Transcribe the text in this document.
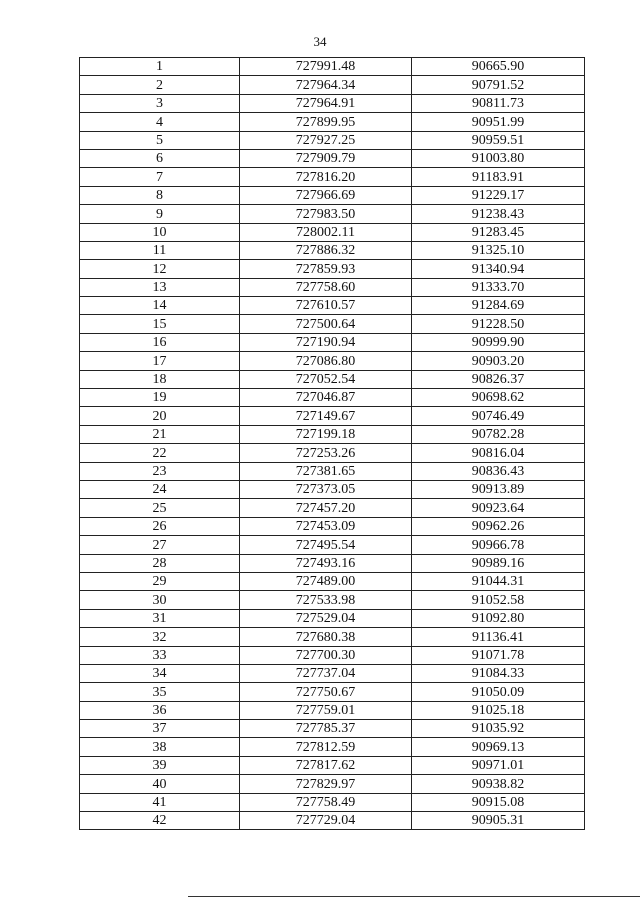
34
1	727991.48	90665.90
2	727964.34	90791.52
3	727964.91	90811.73
4	727899.95	90951.99
5	727927.25	90959.51
6	727909.79	91003.80
7	727816.20	91183.91
8	727966.69	91229.17
9	727983.50	91238.43
10	728002.11	91283.45
11	727886.32	91325.10
12	727859.93	91340.94
13	727758.60	91333.70
14	727610.57	91284.69
15	727500.64	91228.50
16	727190.94	90999.90
17	727086.80	90903.20
18	727052.54	90826.37
19	727046.87	90698.62
20	727149.67	90746.49
21	727199.18	90782.28
22	727253.26	90816.04
23	727381.65	90836.43
24	727373.05	90913.89
25	727457.20	90923.64
26	727453.09	90962.26
27	727495.54	90966.78
28	727493.16	90989.16
29	727489.00	91044.31
30	727533.98	91052.58
31	727529.04	91092.80
32	727680.38	91136.41
33	727700.30	91071.78
34	727737.04	91084.33
35	727750.67	91050.09
36	727759.01	91025.18
37	727785.37	91035.92
38	727812.59	90969.13
39	727817.62	90971.01
40	727829.97	90938.82
41	727758.49	90915.08
42	727729.04	90905.31
